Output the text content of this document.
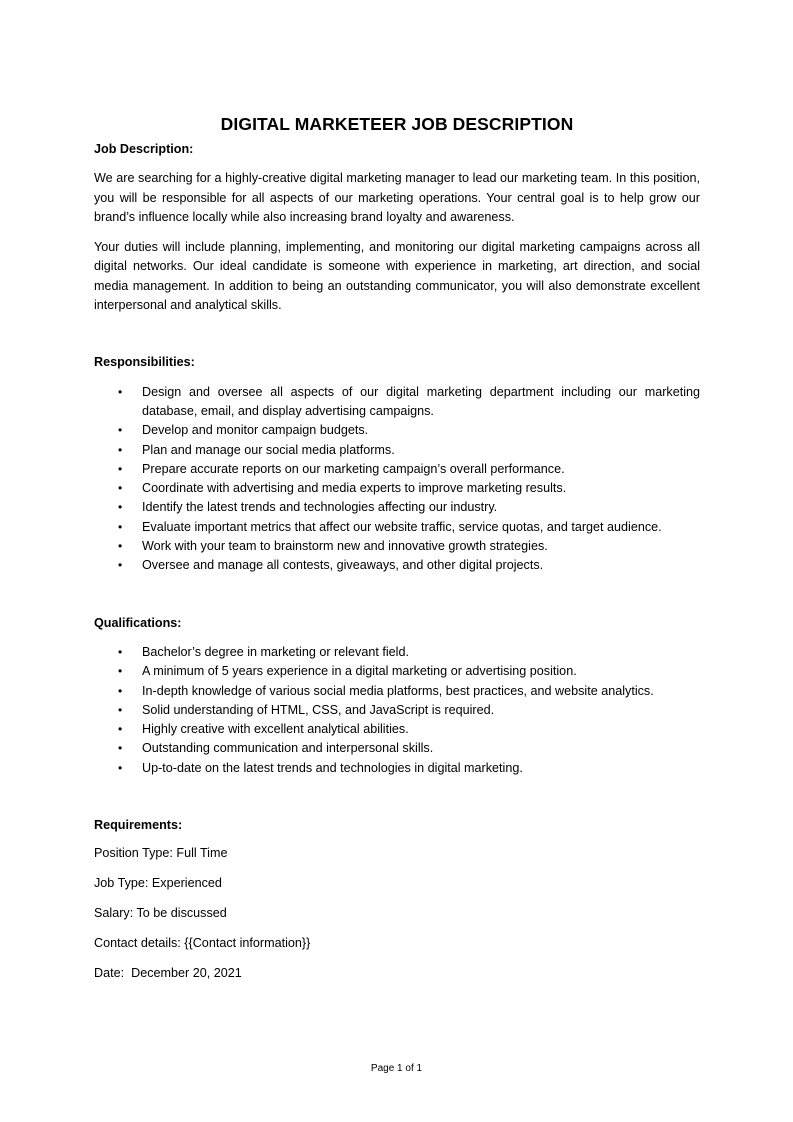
DIGITAL MARKETEER JOB DESCRIPTION

Job Description:

We are searching for a highly-creative digital marketing manager to lead our marketing team. In this position, you will be responsible for all aspects of our marketing operations. Your central goal is to help grow our brand’s influence locally while also increasing brand loyalty and awareness.

Your duties will include planning, implementing, and monitoring our digital marketing campaigns across all digital networks. Our ideal candidate is someone with experience in marketing, art direction, and social media management. In addition to being an outstanding communicator, you will also demonstrate excellent interpersonal and analytical skills.

Responsibilities:

• Design and oversee all aspects of our digital marketing department including our marketing database, email, and display advertising campaigns.
• Develop and monitor campaign budgets.
• Plan and manage our social media platforms.
• Prepare accurate reports on our marketing campaign’s overall performance.
• Coordinate with advertising and media experts to improve marketing results.
• Identify the latest trends and technologies affecting our industry.
• Evaluate important metrics that affect our website traffic, service quotas, and target audience.
• Work with your team to brainstorm new and innovative growth strategies.
• Oversee and manage all contests, giveaways, and other digital projects.

Qualifications:

• Bachelor’s degree in marketing or relevant field.
• A minimum of 5 years experience in a digital marketing or advertising position.
• In-depth knowledge of various social media platforms, best practices, and website analytics.
• Solid understanding of HTML, CSS, and JavaScript is required.
• Highly creative with excellent analytical abilities.
• Outstanding communication and interpersonal skills.
• Up-to-date on the latest trends and technologies in digital marketing.

Requirements:

Position Type: Full Time

Job Type: Experienced

Salary: To be discussed

Contact details: {{Contact information}}

Date:  December 20, 2021

Page 1 of 1
